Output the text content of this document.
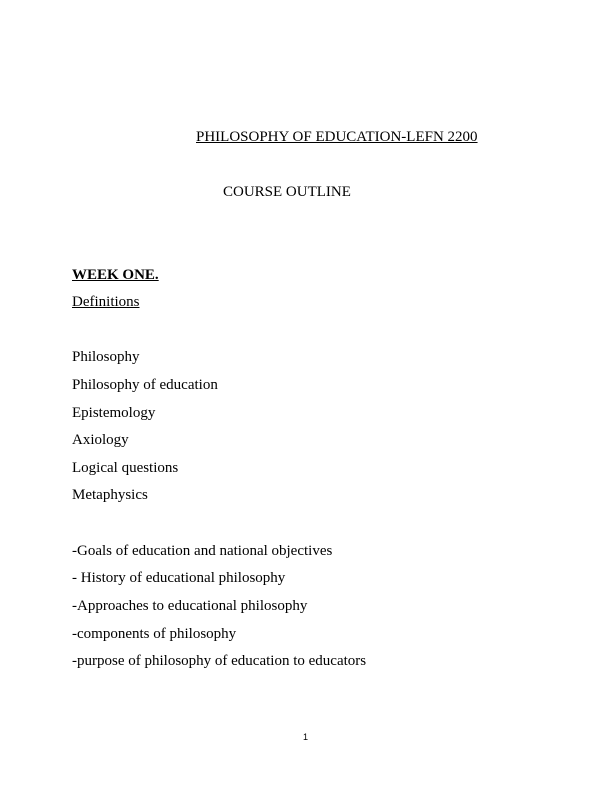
PHILOSOPHY OF EDUCATION-LEFN 2200
COURSE OUTLINE
WEEK ONE.
Definitions
Philosophy
Philosophy of education
Epistemology
Axiology
Logical questions
Metaphysics
-Goals of education and national objectives
- History of educational philosophy
-Approaches to educational philosophy
-components of philosophy
-purpose of philosophy of education to educators
1
